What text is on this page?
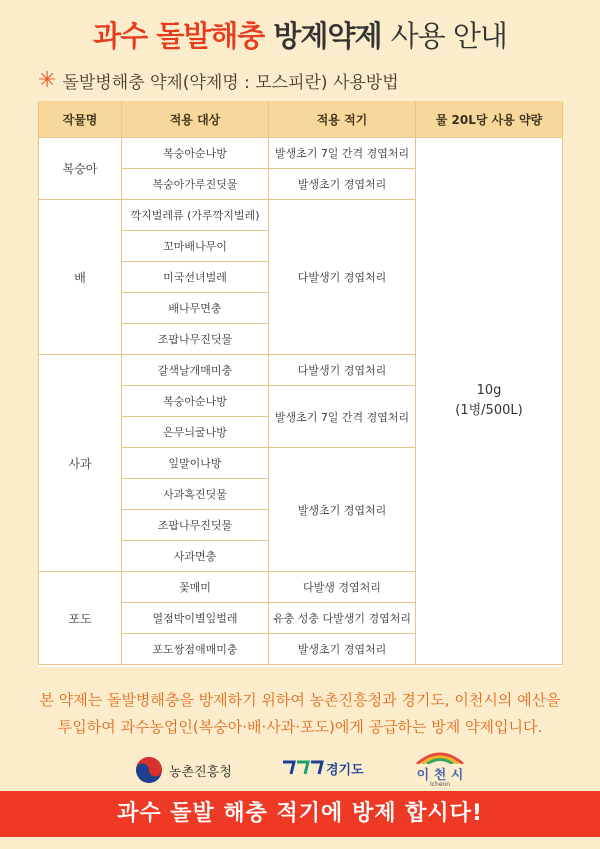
과수 돌발해충 방제약제 사용 안내
✳ 돌발병해충 약제(약제명 : 모스피란) 사용방법
작물명	적용 대상	적용 적기	물 20L당 사용 약량
복숭아	복숭아순나방	발생초기 7일 간격 경엽처리	10g
(1병/500L)

	복숭아가루진딧물	발생초기 경엽처리	
배	깍지벌레류 (가루깍지벌레)	다발생기 경엽처리	
	꼬마배나무이		
	미국선녀벌레		
	배나무면충		
	조팝나무진딧물		
사과	갈색날개매미충	다발생기 경엽처리	
	복숭아순나방	발생초기 7일 간격 경엽처리	
	은무늬굴나방		
	잎말이나방	발생초기 경엽처리	
	사과혹진딧물		
	조팝나무진딧물		
	사과면충		
포도	꽃매미	다발생 경엽처리	
	열점박이별잎벌레	유충 성충 다발생기 경엽처리	
	포도쌍점애매미충	발생초기 경엽처리	
본 약제는 돌발병해충을 방제하기 위하여 농촌진흥청과 경기도, 이천시의 예산을
투입하여 과수농업인(복숭아·배·사과·포도)에게 공급하는 방제 약제입니다.
농촌진흥청	경기도	이 천 시
Icheon
과수 돌발 해충 적기에 방제 합시다!
